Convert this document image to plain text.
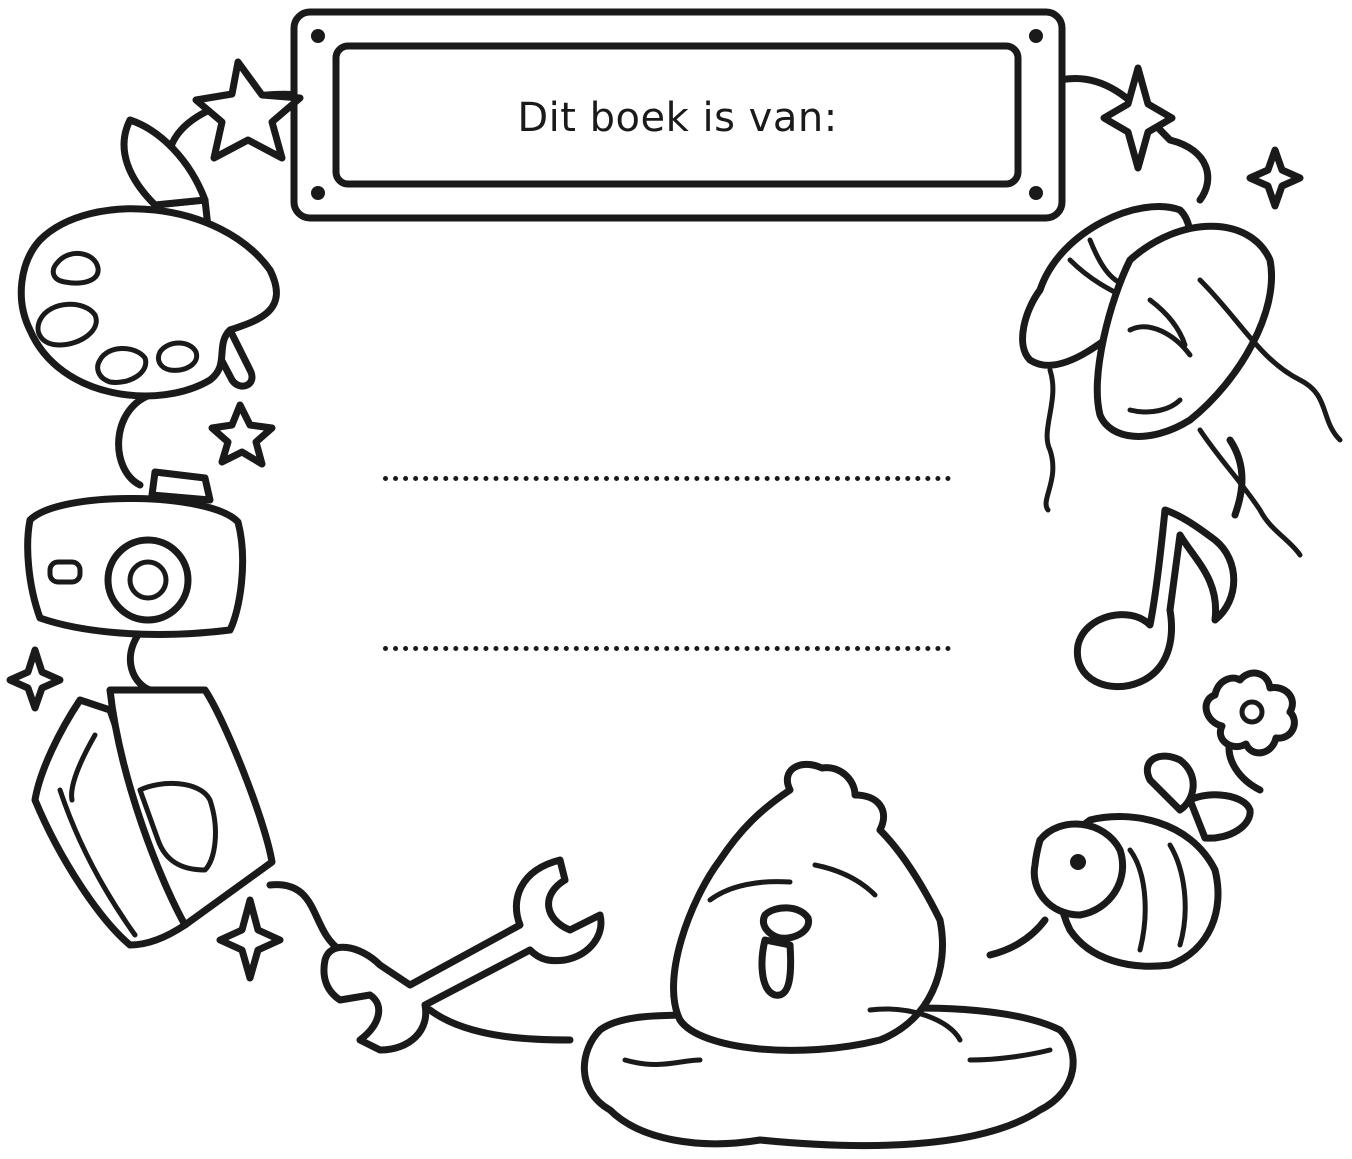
Dit boek is van:
